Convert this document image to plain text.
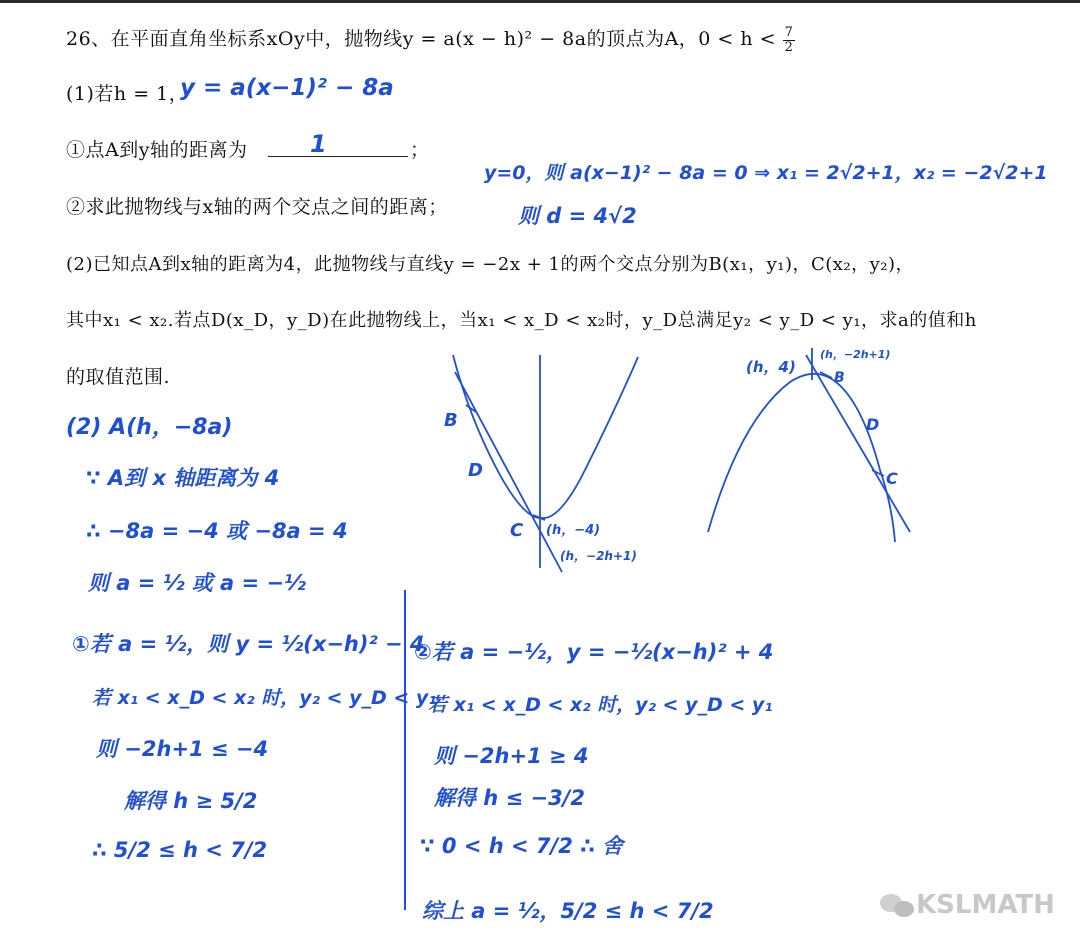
26、在平面直角坐标系xOy中，抛物线y = a(x − h)² − 8a的顶点为A，$0 < h < \frac{7}{2}$
(1)若h = 1，
①点A到y轴的距离为	；
②求此抛物线与x轴的两个交点之间的距离；
(2)已知点A到x轴的距离为4，此抛物线与直线y = −2x + 1的两个交点分别为B(x₁，y₁)，C(x₂，y₂)，
其中x₁ < x₂.若点D(x_D，y_D)在此抛物线上，当x₁ < x_D < x₂时，y_D总满足y₂ < y_D < y₁，求a的值和h
的取值范围.
y = a(x−1)² − 8a
1
y=0，则 a(x−1)² − 8a = 0 ⇒ x₁ = 2√2+1，x₂ = −2√2+1
则 d = 4√2
(2) A(h，−8a)
∵ A到 x 轴距离为 4
∴ −8a = −4 或 −8a = 4
则 a = ½ 或 a = −½
①若 a = ½，则 y = ½(x−h)² − 4
若 x₁ < x_D < x₂ 时，y₂ < y_D < y₁
则 −2h+1 ≤ −4
解得 h ≥ 5/2
∴ 5/2 ≤ h < 7/2
②若 a = −½，y = −½(x−h)² + 4
若 x₁ < x_D < x₂ 时，y₂ < y_D < y₁
则 −2h+1 ≥ 4
解得 h ≤ −3/2
∵ 0 < h < 7/2 ∴ 舍
综上 a = ½，5/2 ≤ h < 7/2
B
D
C (h，−4)
(h，−2h+1)
(h，4)
(h，−2h+1)
B
D
C
KSLMATH
